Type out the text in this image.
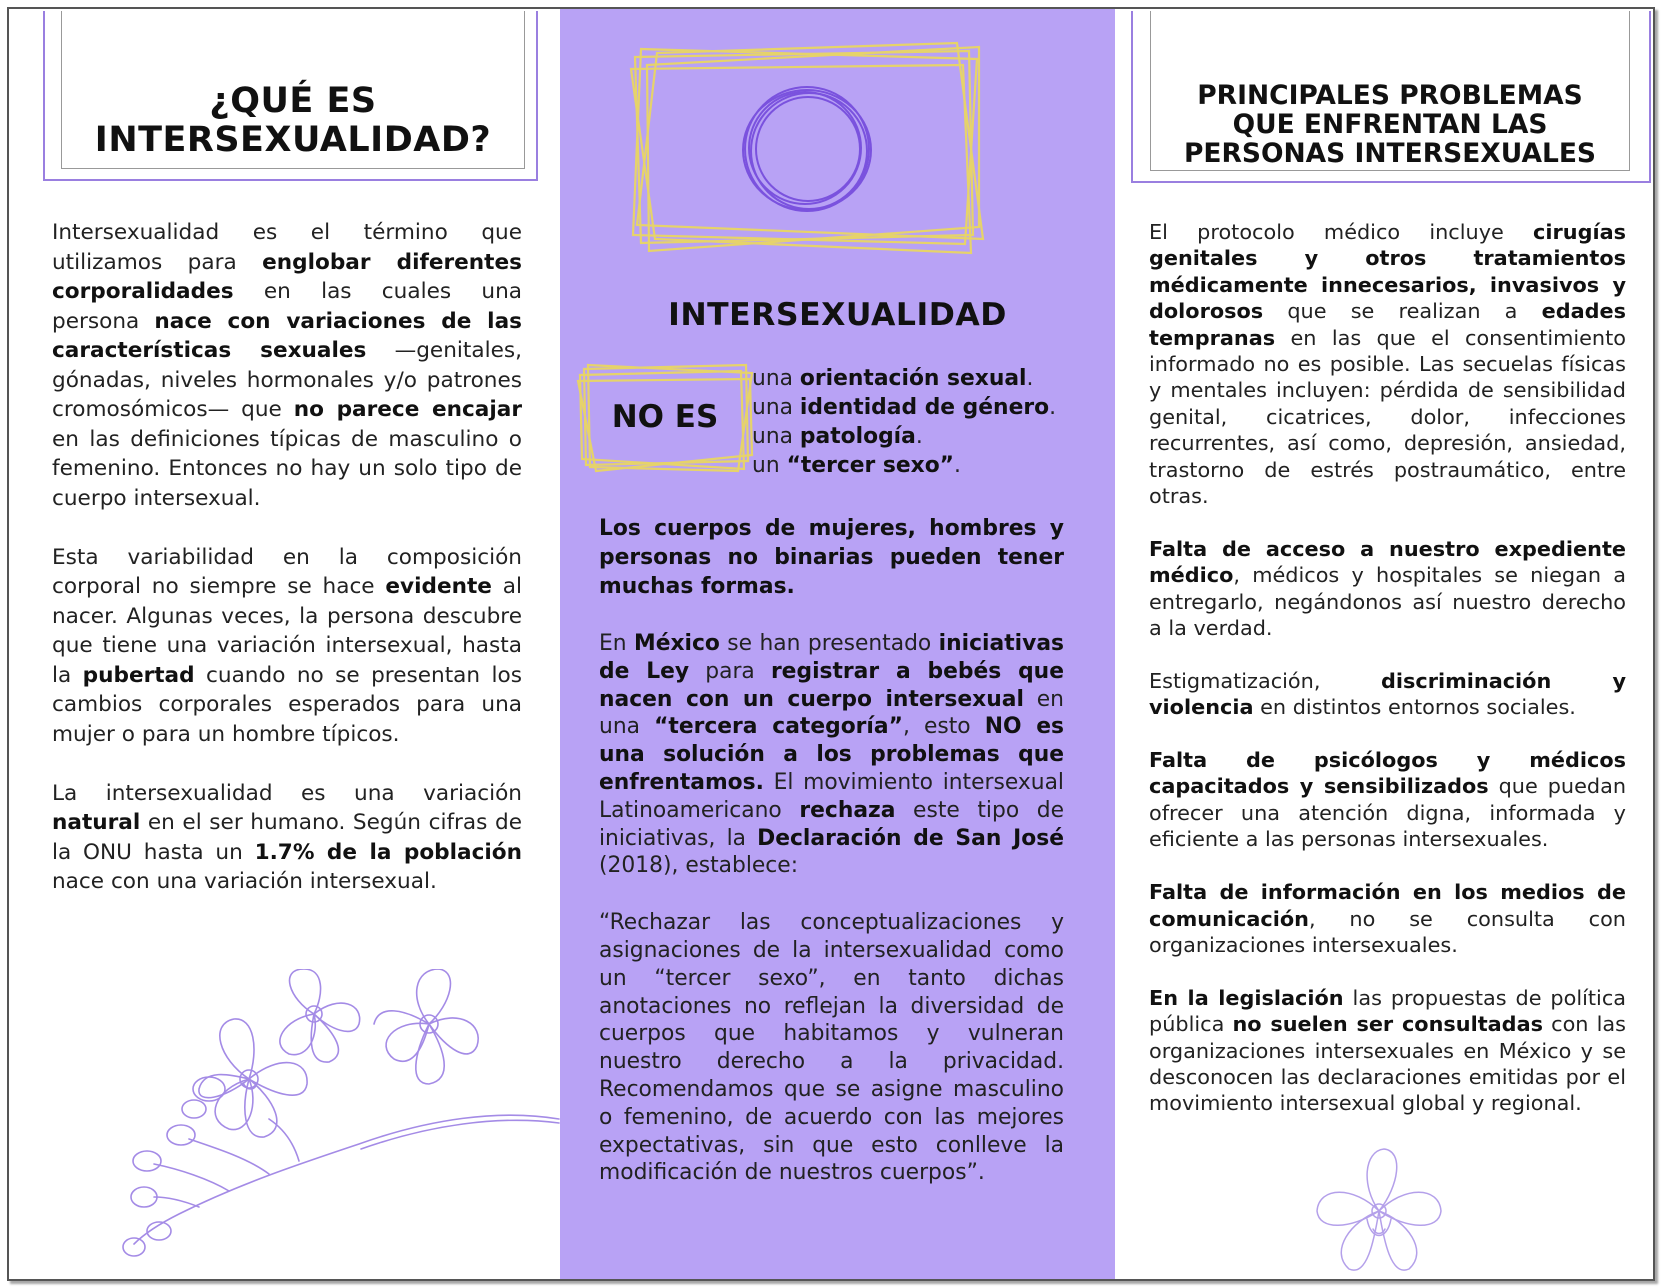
¿QUÉ ES
INTERSEXUALIDAD?

Intersexualidad es el término que utilizamos para englobar diferentes corporalidades en las cuales una persona nace con variaciones de las características sexuales —genitales, gónadas, niveles hormonales y/o patrones cromosómicos— que no parece encajar en las definiciones típicas de masculino o femenino. Entonces no hay un solo tipo de cuerpo intersexual.

Esta variabilidad en la composición corporal no siempre se hace evidente al nacer. Algunas veces, la persona descubre que tiene una variación intersexual, hasta la pubertad cuando no se presentan los cambios corporales esperados para una mujer o para un hombre típicos.

La intersexualidad es una variación natural en el ser humano. Según cifras de la ONU hasta un 1.7% de la población nace con una variación intersexual.

INTERSEXUALIDAD
NO ES
una orientación sexual.
una identidad de género.
una patología.
un “tercer sexo”.

Los cuerpos de mujeres, hombres y personas no binarias pueden tener muchas formas.

En México se han presentado iniciativas de Ley para registrar a bebés que nacen con un cuerpo intersexual en una “tercera categoría”, esto NO es una solución a los problemas que enfrentamos. El movimiento intersexual Latinoamericano rechaza este tipo de iniciativas, la Declaración de San José (2018), establece:

“Rechazar las conceptualizaciones y asignaciones de la intersexualidad como un “tercer sexo”, en tanto dichas anotaciones no reflejan la diversidad de cuerpos que habitamos y vulneran nuestro derecho a la privacidad. Recomendamos que se asigne masculino o femenino, de acuerdo con las mejores expectativas, sin que esto conlleve la modificación de nuestros cuerpos”.

PRINCIPALES PROBLEMAS
QUE ENFRENTAN LAS
PERSONAS INTERSEXUALES

El protocolo médico incluye cirugías genitales y otros tratamientos médicamente innecesarios, invasivos y dolorosos que se realizan a edades tempranas en las que el consentimiento informado no es posible. Las secuelas físicas y mentales incluyen: pérdida de sensibilidad genital, cicatrices, dolor, infecciones recurrentes, así como, depresión, ansiedad, trastorno de estrés postraumático, entre otras.

Falta de acceso a nuestro expediente médico, médicos y hospitales se niegan a entregarlo, negándonos así nuestro derecho a la verdad.

Estigmatización, discriminación y violencia en distintos entornos sociales.

Falta de psicólogos y médicos capacitados y sensibilizados que puedan ofrecer una atención digna, informada y eficiente a las personas intersexuales.

Falta de información en los medios de comunicación, no se consulta con organizaciones intersexuales.

En la legislación las propuestas de política pública no suelen ser consultadas con las organizaciones intersexuales en México y se desconocen las declaraciones emitidas por el movimiento intersexual global y regional.
